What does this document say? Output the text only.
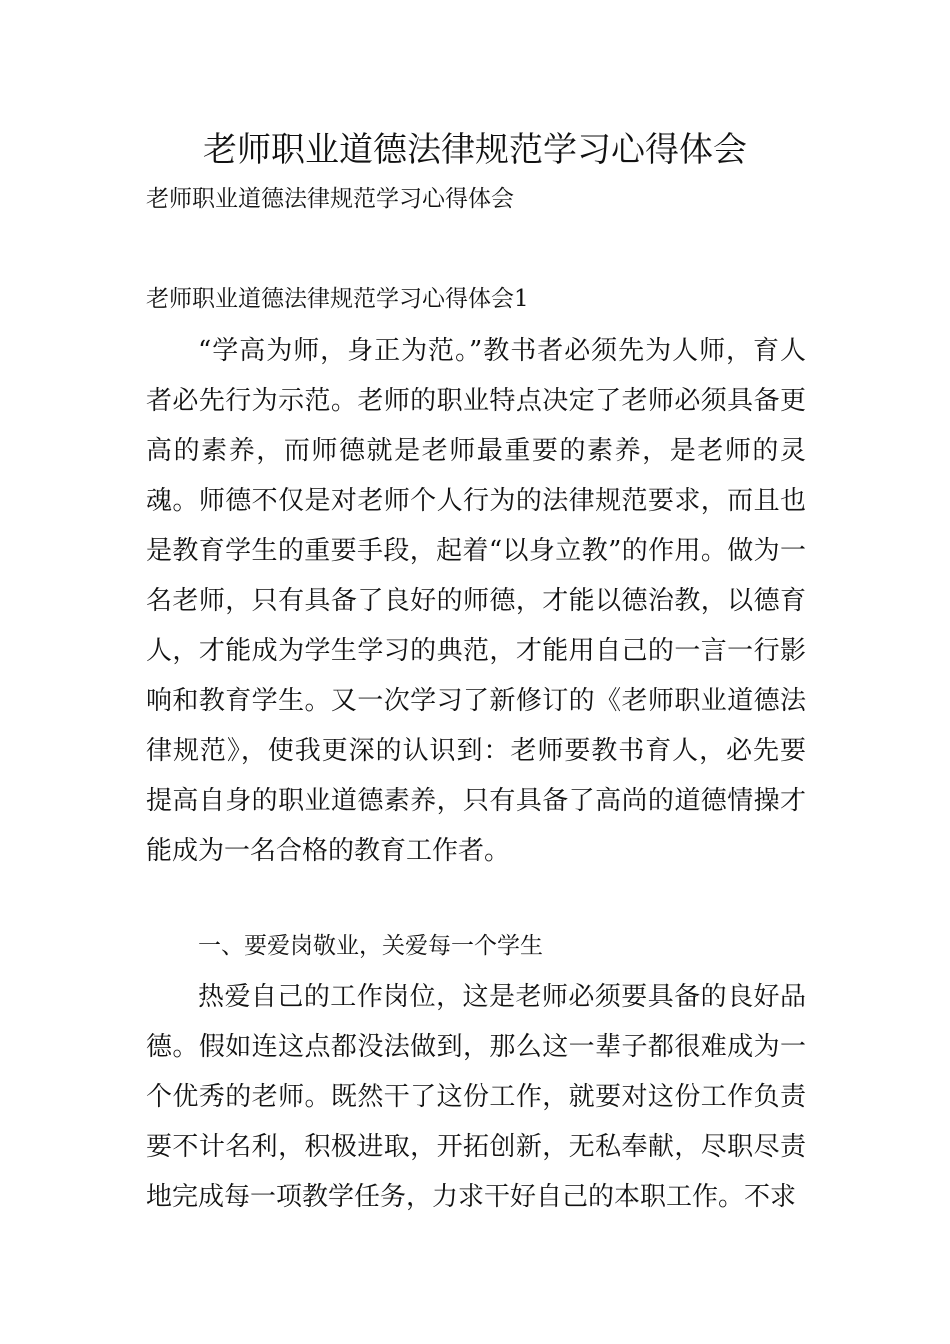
老师职业道德法律规范学习心得体会

老师职业道德法律规范学习心得体会

老师职业道德法律规范学习心得体会1

“学高为师，身正为范。”教书者必须先为人师，育人者必先行为示范。老师的职业特点决定了老师必须具备更高的素养，而师德就是老师最重要的素养，是老师的灵魂。师德不仅是对老师个人行为的法律规范要求，而且也是教育学生的重要手段，起着“以身立教”的作用。做为一名老师，只有具备了良好的师德，才能以德治教，以德育人，才能成为学生学习的典范，才能用自己的一言一行影响和教育学生。又一次学习了新修订的《老师职业道德法律规范》，使我更深的认识到：老师要教书育人，必先要提高自身的职业道德素养，只有具备了高尚的道德情操才能成为一名合格的教育工作者。

一、要爱岗敬业，关爱每一个学生

热爱自己的工作岗位，这是老师必须要具备的良好品德。假如连这点都没法做到，那么这一辈子都很难成为一个优秀的老师。既然干了这份工作，就要对这份工作负责要不计名利，积极进取，开拓创新，无私奉献，尽职尽责地完成每一项教学任务，力求干好自己的本职工作。不求
